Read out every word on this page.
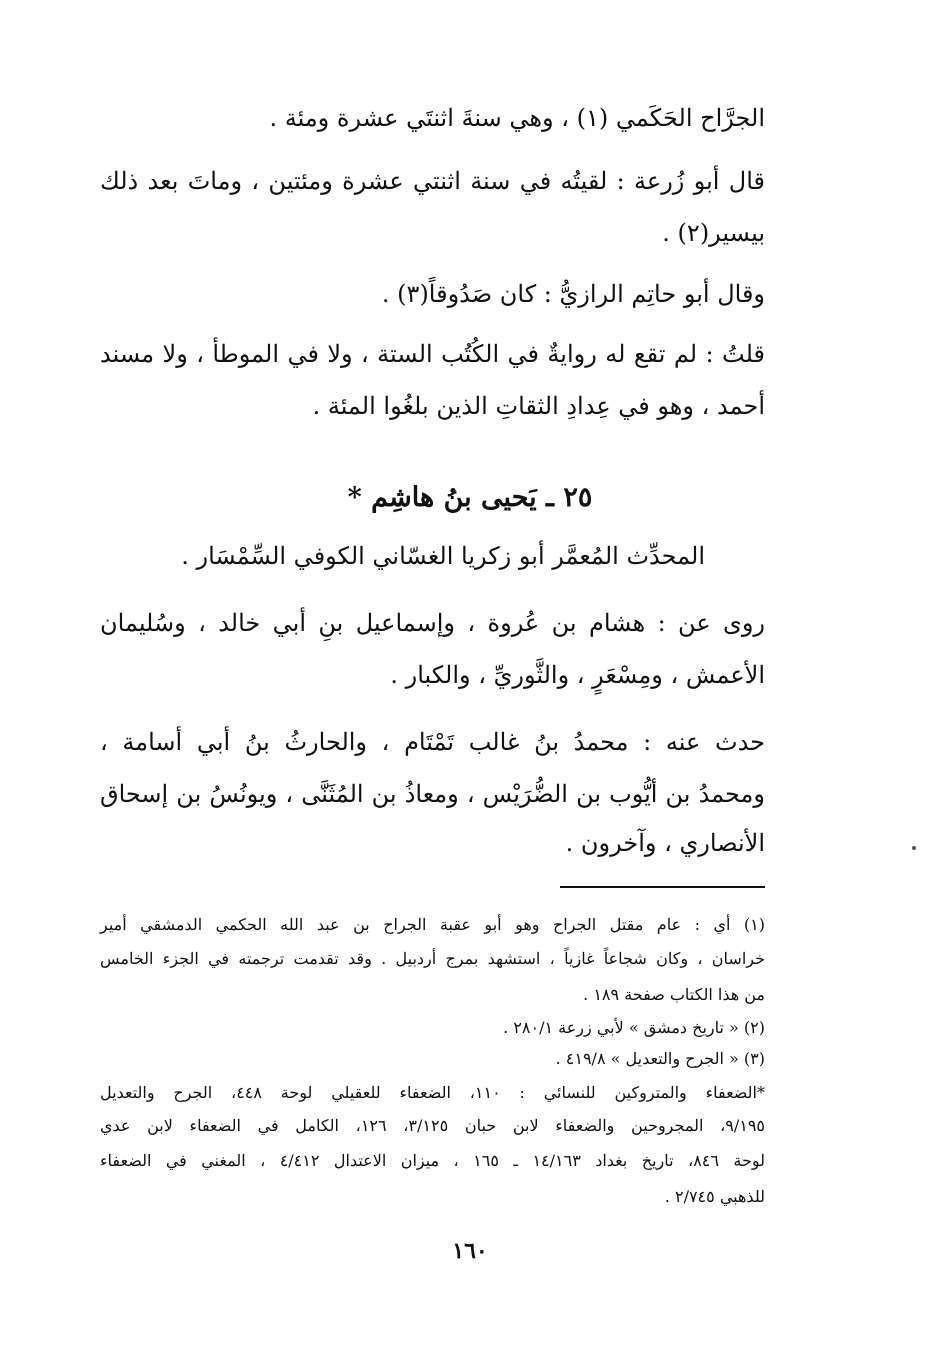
الجرَّاح الحَكَمي (١) ، وهي سنةَ اثنتَي عشرة ومئة .
قال أبو زُرعة : لقيتُه في سنة اثنتي عشرة ومئتين ، وماتَ بعد ذلك
بيسير(٢) .
وقال أبو حاتِم الرازيُّ : كان صَدُوقاً(٣) .
قلتُ : لم تقع له روايةٌ في الكُتُب الستة ، ولا في الموطأ ، ولا مسند
أحمد ، وهو في عِدادِ الثقاتِ الذين بلغُوا المئة .
٢٥ ـ يَحيى بنُ هاشِم *
المحدِّث المُعمَّر أبو زكريا الغسّاني الكوفي السِّمْسَار .
روى عن : هشام بن عُروة ، وإسماعيل بنِ أبي خالد ، وسُليمان
الأعمش ، ومِسْعَرٍ ، والثَّوريِّ ، والكبار .
حدث عنه : محمدُ بنُ غالب تَمْتَام ، والحارثُ بنُ أبي أسامة ،
ومحمدُ بن أيُّوب بن الضُّرَيْس ، ومعاذُ بن المُثَنَّى ، ويونُسُ بن إسحاق
الأنصاري ، وآخرون .
(١) أي : عام مقتل الجراح وهو أبو عقبة الجراح بن عبد الله الحكمي الدمشقي أمير
خراسان ، وكان شجاعاً غازياً ، استشهد بمرج أردبيل . وقد تقدمت ترجمته في الجزء الخامس
من هذا الكتاب صفحة ١٨٩ .
(٢) « تاريخ دمشق » لأبي زرعة ٢٨٠/١ .
(٣) « الجرح والتعديل » ٤١٩/٨ .
*الضعفاء والمتروكين للنسائي : ١١٠، الضعفاء للعقيلي لوحة ٤٤٨، الجرح والتعديل
٩/١٩٥، المجروحين والضعفاء لابن حبان ٣/١٢٥، ١٢٦، الكامل في الضعفاء لابن عدي
لوحة ٨٤٦، تاريخ بغداد ١٤/١٦٣ ـ ١٦٥ ، ميزان الاعتدال ٤/٤١٢ ، المغني في الضعفاء
للذهبي ٢/٧٤٥ .
١٦٠
